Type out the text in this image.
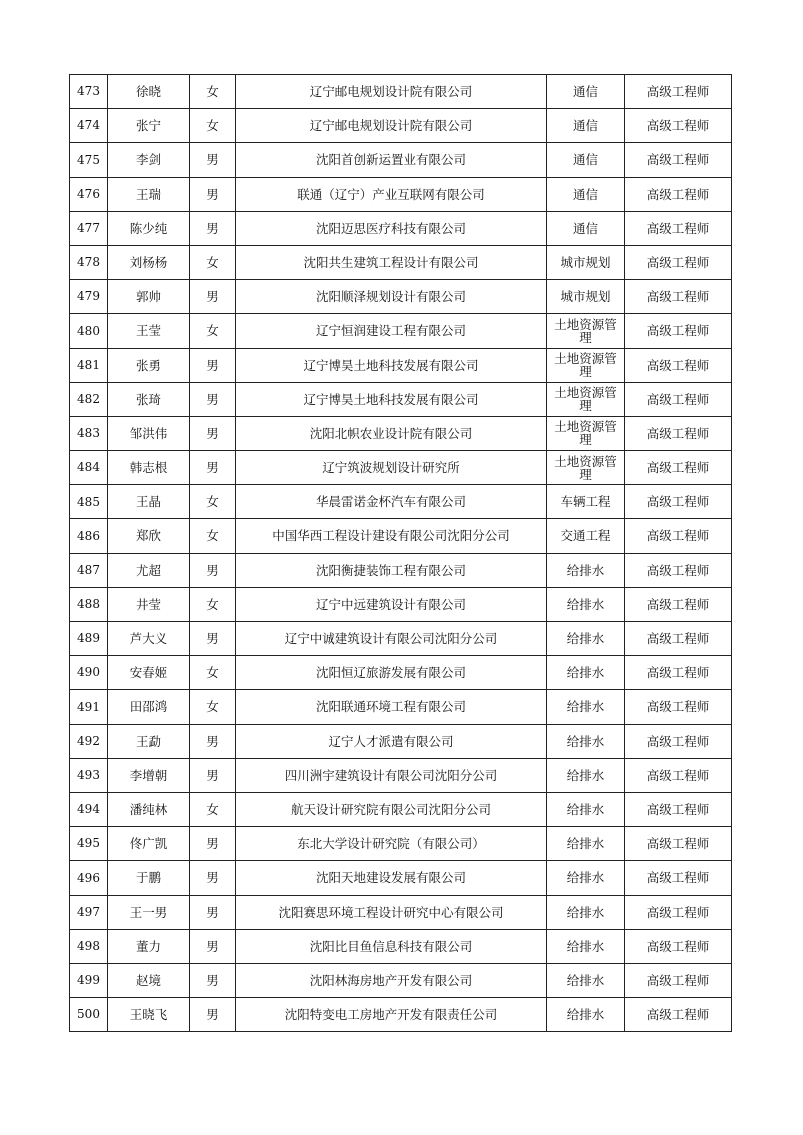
473	徐晓	女	辽宁邮电规划设计院有限公司	通信	高级工程师
474	张宁	女	辽宁邮电规划设计院有限公司	通信	高级工程师
475	李剑	男	沈阳首创新运置业有限公司	通信	高级工程师
476	王瑞	男	联通（辽宁）产业互联网有限公司	通信	高级工程师
477	陈少纯	男	沈阳迈思医疗科技有限公司	通信	高级工程师
478	刘杨杨	女	沈阳共生建筑工程设计有限公司	城市规划	高级工程师
479	郭帅	男	沈阳顺泽规划设计有限公司	城市规划	高级工程师
480	王莹	女	辽宁恒润建设工程有限公司	土地资源管理	高级工程师
481	张勇	男	辽宁博昊土地科技发展有限公司	土地资源管理	高级工程师
482	张琦	男	辽宁博昊土地科技发展有限公司	土地资源管理	高级工程师
483	邹洪伟	男	沈阳北帜农业设计院有限公司	土地资源管理	高级工程师
484	韩志根	男	辽宁筑波规划设计研究所	土地资源管理	高级工程师
485	王晶	女	华晨雷诺金杯汽车有限公司	车辆工程	高级工程师
486	郑欣	女	中国华西工程设计建设有限公司沈阳分公司	交通工程	高级工程师
487	尤超	男	沈阳衡捷装饰工程有限公司	给排水	高级工程师
488	井莹	女	辽宁中远建筑设计有限公司	给排水	高级工程师
489	芦大义	男	辽宁中诚建筑设计有限公司沈阳分公司	给排水	高级工程师
490	安春姬	女	沈阳恒辽旅游发展有限公司	给排水	高级工程师
491	田邵鸿	女	沈阳联通环境工程有限公司	给排水	高级工程师
492	王勐	男	辽宁人才派遣有限公司	给排水	高级工程师
493	李增朝	男	四川洲宇建筑设计有限公司沈阳分公司	给排水	高级工程师
494	潘纯林	女	航天设计研究院有限公司沈阳分公司	给排水	高级工程师
495	佟广凯	男	东北大学设计研究院（有限公司）	给排水	高级工程师
496	于鹏	男	沈阳天地建设发展有限公司	给排水	高级工程师
497	王一男	男	沈阳赛思环境工程设计研究中心有限公司	给排水	高级工程师
498	董力	男	沈阳比目鱼信息科技有限公司	给排水	高级工程师
499	赵境	男	沈阳林海房地产开发有限公司	给排水	高级工程师
500	王晓飞	男	沈阳特变电工房地产开发有限责任公司	给排水	高级工程师
